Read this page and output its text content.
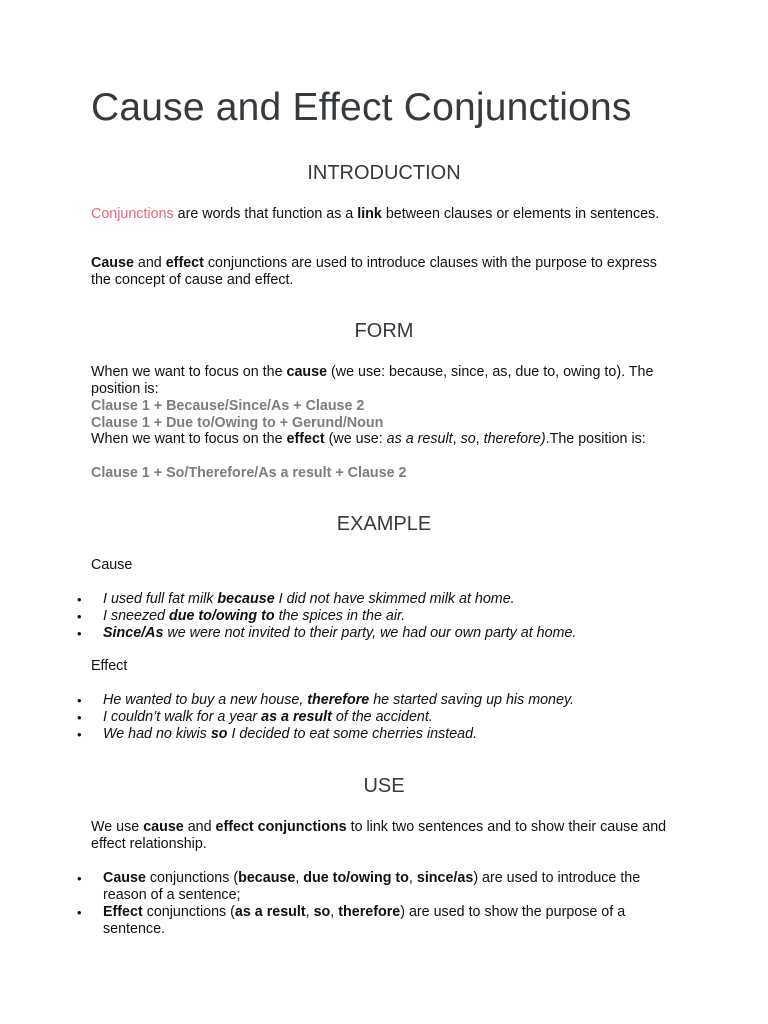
Cause and Effect Conjunctions
INTRODUCTION

Conjunctions are words that function as a link between clauses or elements in sentences.

Cause and effect conjunctions are used to introduce clauses with the purpose to express the concept of cause and effect.

FORM

When we want to focus on the cause (we use: because, since, as, due to, owing to). The position is:

Clause 1 + Because/Since/As + Clause 2

Clause 1 + Due to/Owing to + Gerund/Noun

When we want to focus on the effect (we use: as a result, so, therefore).The position is:

Clause 1 + So/Therefore/As a result + Clause 2

EXAMPLE

Cause

• I used full fat milk because I did not have skimmed milk at home.
• I sneezed due to/owing to the spices in the air.
• Since/As we were not invited to their party, we had our own party at home.

Effect

• He wanted to buy a new house, therefore he started saving up his money.
• I couldn’t walk for a year as a result of the accident.
• We had no kiwis so I decided to eat some cherries instead.
USE

We use cause and effect conjunctions to link two sentences and to show their cause and effect relationship.

• Cause conjunctions (because, due to/owing to, since/as) are used to introduce the reason of a sentence;
• Effect conjunctions (as a result, so, therefore) are used to show the purpose of a sentence.
